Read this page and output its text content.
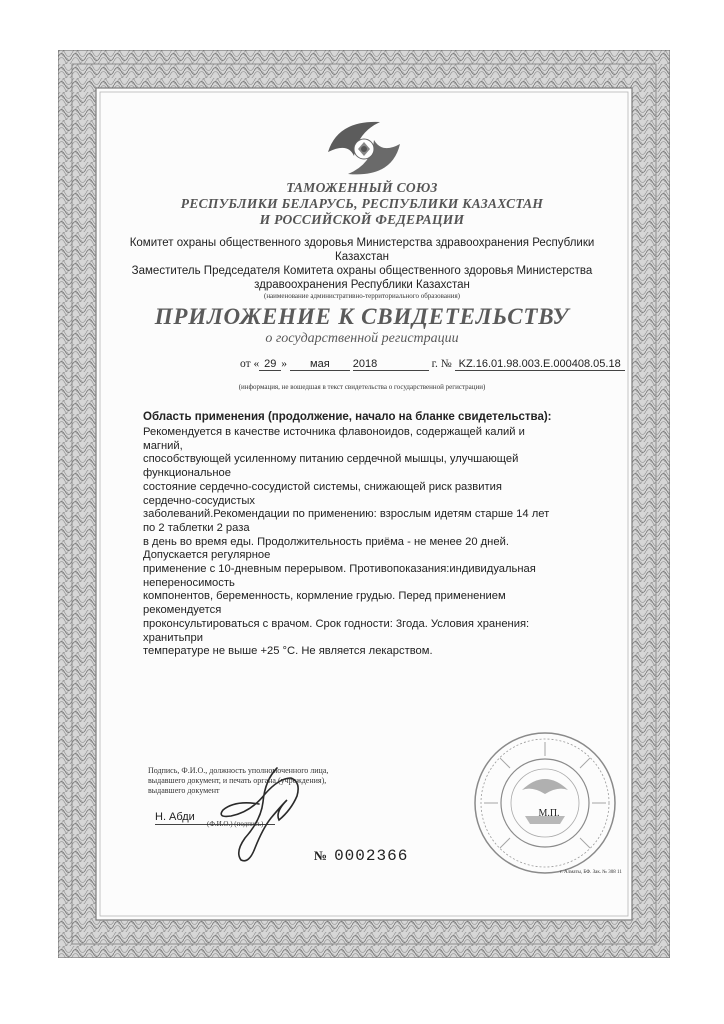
ТАМОЖЕННЫЙ СОЮЗ
РЕСПУБЛИКИ БЕЛАРУСЬ, РЕСПУБЛИКИ КАЗАХСТАН
И РОССИЙСКОЙ ФЕДЕРАЦИИ
Комитет охраны общественного здоровья Министерства здравоохранения Республики Казахстан
Заместитель Председателя Комитета охраны общественного здоровья Министерства
здравоохранения Республики Казахстан
(наименование административно-территориального образования)
ПРИЛОЖЕНИЕ К СВИДЕТЕЛЬСТВУ
о государственной регистрации
от « 29 » мая 2018	г. № KZ.16.01.98.003.E.000408.05.18
(информация, не вошедшая в текст свидетельства о государственной регистрации)
Область применения (продолжение, начало на бланке свидетельства):
Рекомендуется в качестве источника флавоноидов, содержащей калий и магний,
способствующей усиленному питанию сердечной мышцы, улучшающей функциональное
состояние сердечно-сосудистой системы, снижающей риск развития сердечно-сосудистых
заболеваний.Рекомендации по применению: взрослым идетям старше 14 лет по 2 таблетки 2 раза
в день во время еды. Продолжительность приёма - не менее 20 дней. Допускается регулярное
применение с 10-дневным перерывом. Противопоказания:индивидуальная непереносимость
компонентов, беременность, кормление грудью. Перед применением рекомендуется
проконсультироваться с врачом. Срок годности: 3года. Условия хранения: хранитьпри
температуре не выше +25 °С. Не является лекарством.
М.П.
Подпись, Ф.И.О., должность уполномоченного лица,
выдавшего документ, и печать органа (учреждения),
выдавшего документ
Н. Абди
(Ф.И.О.) (подпись)
№ 0002366
г. Алматы, БФ. Зак. № 308 11
